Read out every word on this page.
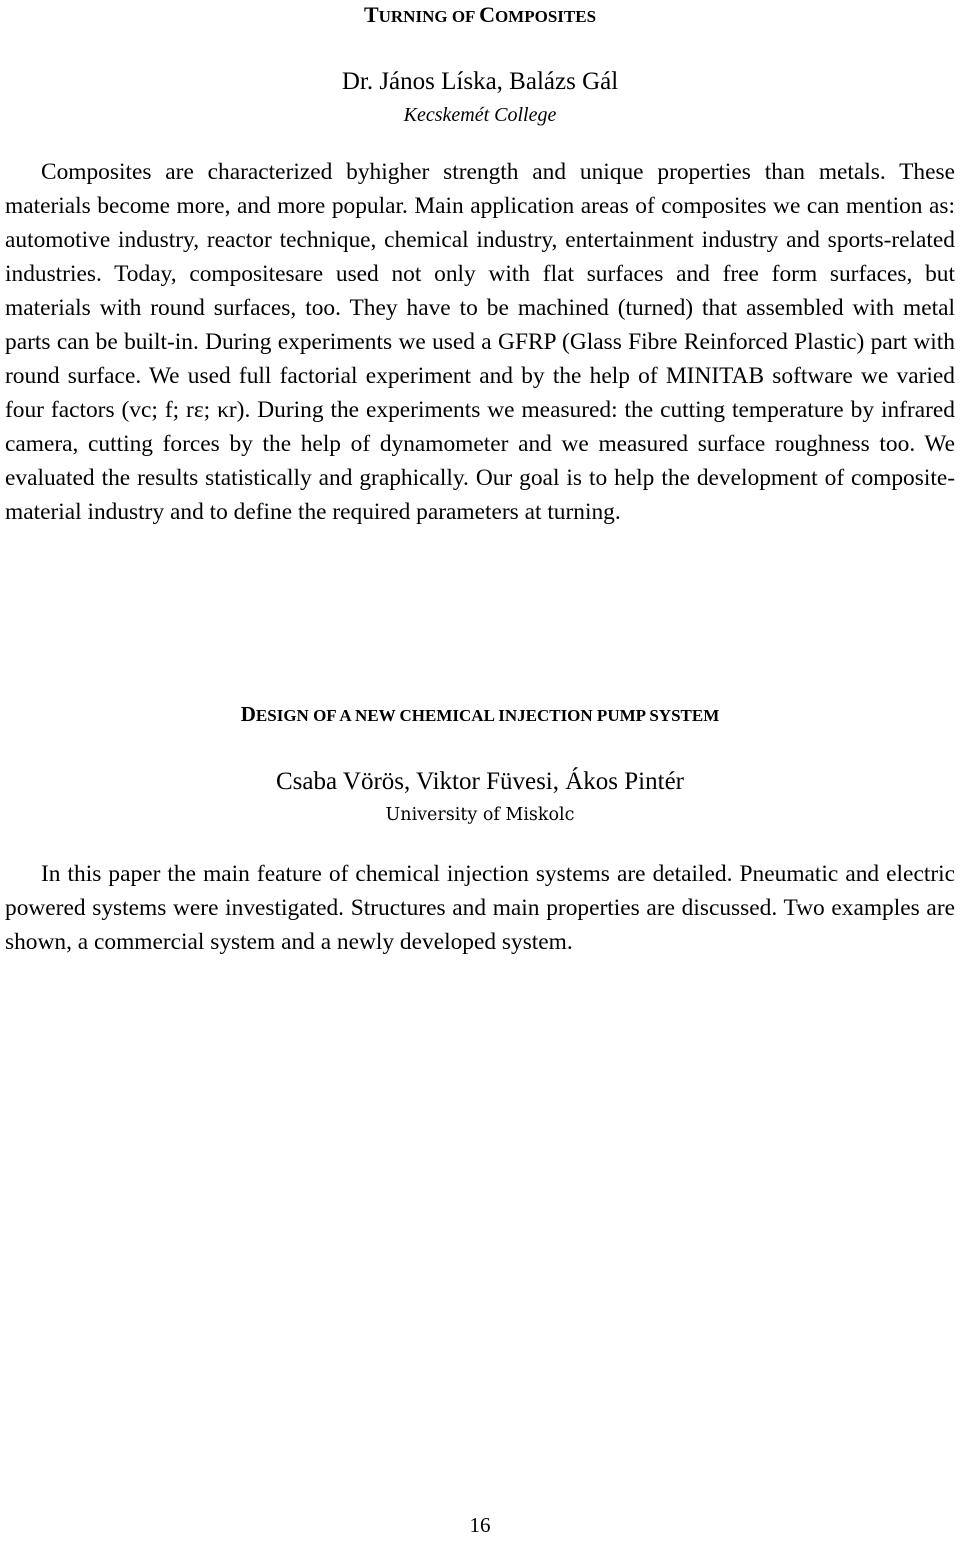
TURNING OF COMPOSITES
Dr. János Líska, Balázs Gál
Kecskemét College

Composites are characterized byhigher strength and unique properties than metals. These materials become more, and more popular. Main application areas of composites we can mention as: automotive industry, reactor technique, chemical industry, entertainment industry and sports-related industries. Today, compositesare used not only with flat surfaces and free form surfaces, but materials with round surfaces, too. They have to be machined (turned) that assembled with metal parts can be built-in. During experiments we used a GFRP (Glass Fibre Reinforced Plastic) part with round surface. We used full factorial experiment and by the help of MINITAB software we varied four factors (vc; f; rε; κr). During the experiments we measured: the cutting temperature by infrared camera, cutting forces by the help of dynamometer and we measured surface roughness too. We evaluated the results statistically and graphically. Our goal is to help the development of composite-material industry and to define the required parameters at turning.

DESIGN OF A NEW CHEMICAL INJECTION PUMP SYSTEM
Csaba Vörös, Viktor Füvesi, Ákos Pintér
University of Miskolc

In this paper the main feature of chemical injection systems are detailed. Pneumatic and electric powered systems were investigated. Structures and main properties are discussed. Two examples are shown, a commercial system and a newly developed system.

16
